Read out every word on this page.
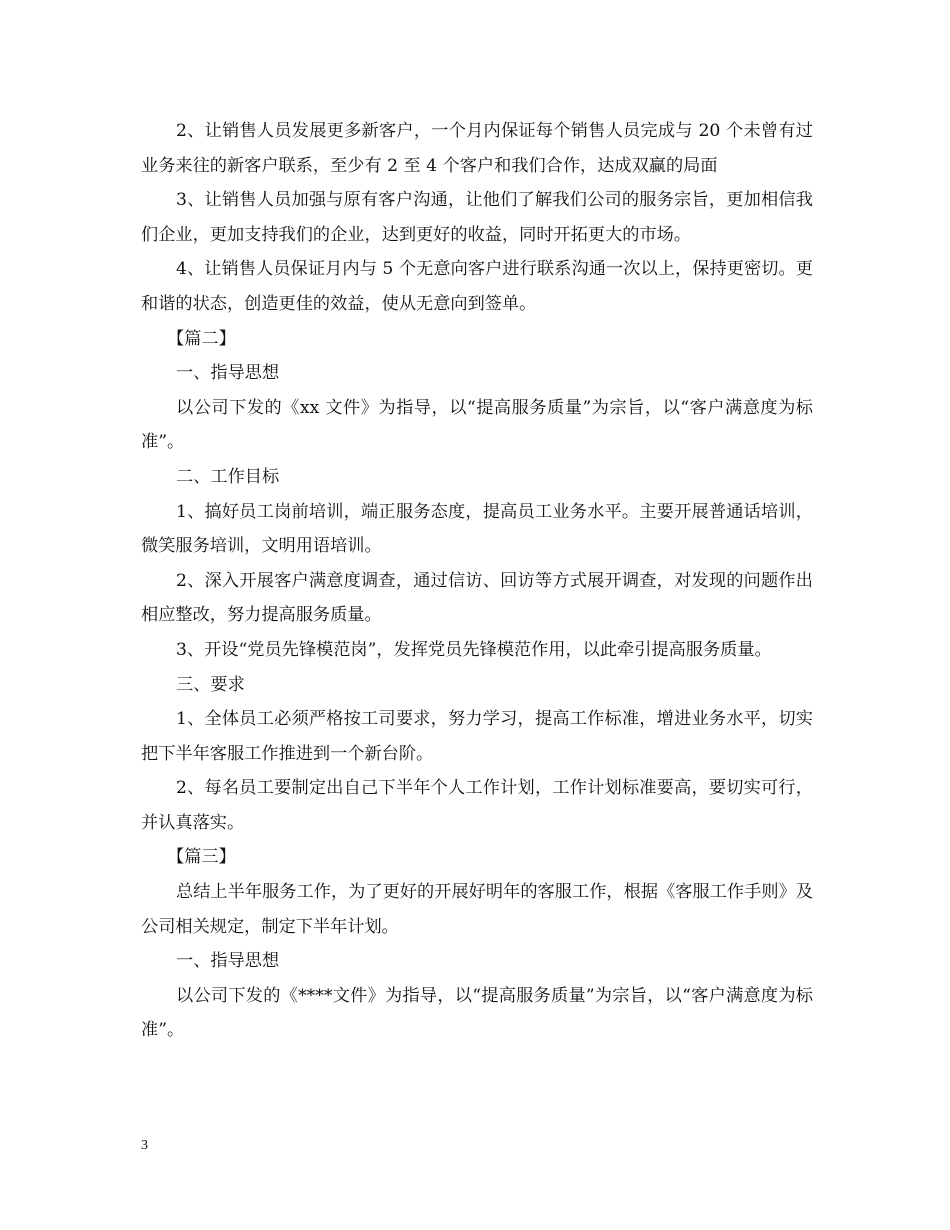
2、让销售人员发展更多新客户，一个月内保证每个销售人员完成与 20 个未曾有过业务来往的新客户联系，至少有 2 至 4 个客户和我们合作，达成双赢的局面

3、让销售人员加强与原有客户沟通，让他们了解我们公司的服务宗旨，更加相信我们企业，更加支持我们的企业，达到更好的收益，同时开拓更大的市场。

4、让销售人员保证月内与 5 个无意向客户进行联系沟通一次以上，保持更密切。更和谐的状态，创造更佳的效益，使从无意向到签单。

【篇二】

一、指导思想

以公司下发的《xx 文件》为指导，以“提高服务质量”为宗旨，以“客户满意度为标准”。

二、工作目标

1、搞好员工岗前培训，端正服务态度，提高员工业务水平。主要开展普通话培训，微笑服务培训，文明用语培训。

2、深入开展客户满意度调查，通过信访、回访等方式展开调查，对发现的问题作出相应整改，努力提高服务质量。

3、开设“党员先锋模范岗”，发挥党员先锋模范作用，以此牵引提高服务质量。

三、要求

1、全体员工必须严格按工司要求，努力学习，提高工作标准，增进业务水平，切实把下半年客服工作推进到一个新台阶。

2、每名员工要制定出自己下半年个人工作计划，工作计划标准要高，要切实可行，并认真落实。

【篇三】

总结上半年服务工作，为了更好的开展好明年的客服工作，根据《客服工作手则》及公司相关规定，制定下半年计划。

一、指导思想

以公司下发的《****文件》为指导，以“提高服务质量”为宗旨，以“客户满意度为标准”。

3
